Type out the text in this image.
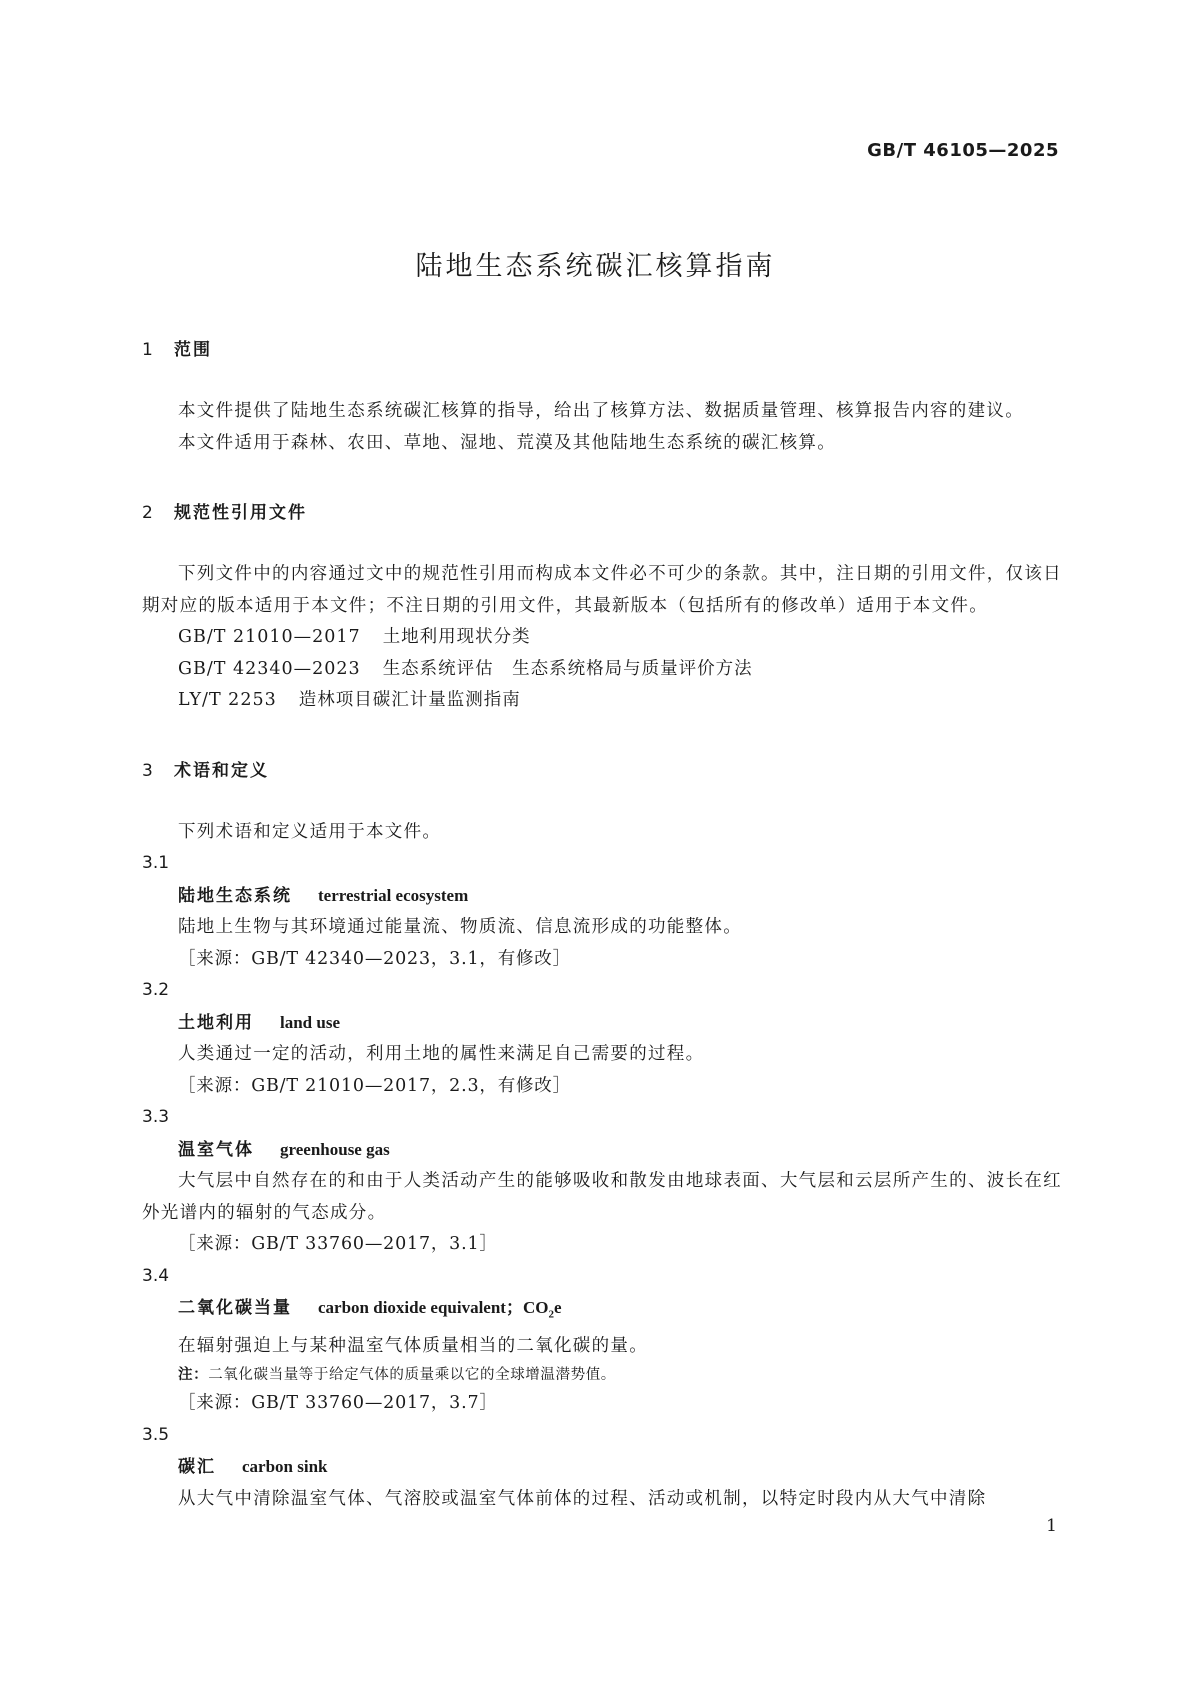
GB/T 46105—2025
陆地生态系统碳汇核算指南
1 范围

本文件提供了陆地生态系统碳汇核算的指导，给出了核算方法、数据质量管理、核算报告内容的建议。

本文件适用于森林、农田、草地、湿地、荒漠及其他陆地生态系统的碳汇核算。

2 规范性引用文件

下列文件中的内容通过文中的规范性引用而构成本文件必不可少的条款。其中，注日期的引用文件，仅该日期对应的版本适用于本文件；不注日期的引用文件，其最新版本（包括所有的修改单）适用于本文件。

GB/T 21010—2017 土地利用现状分类
GB/T 42340—2023 生态系统评估　生态系统格局与质量评价方法
LY/T 2253 造林项目碳汇计量监测指南
3 术语和定义

下列术语和定义适用于本文件。

3.1
陆地生态系统 terrestrial ecosystem
陆地上生物与其环境通过能量流、物质流、信息流形成的功能整体。
［来源：GB/T 42340—2023，3.1，有修改］
3.2
土地利用 land use
人类通过一定的活动，利用土地的属性来满足自己需要的过程。
［来源：GB/T 21010—2017，2.3，有修改］
3.3
温室气体 greenhouse gas
大气层中自然存在的和由于人类活动产生的能够吸收和散发由地球表面、大气层和云层所产生的、波长在红外光谱内的辐射的气态成分。
［来源：GB/T 33760—2017，3.1］
3.4
二氧化碳当量 carbon dioxide equivalent；$CO_2e$
在辐射强迫上与某种温室气体质量相当的二氧化碳的量。
注：二氧化碳当量等于给定气体的质量乘以它的全球增温潜势值。
［来源：GB/T 33760—2017，3.7］
3.5
碳汇 carbon sink
从大气中清除温室气体、气溶胶或温室气体前体的过程、活动或机制，以特定时段内从大气中清除
1
